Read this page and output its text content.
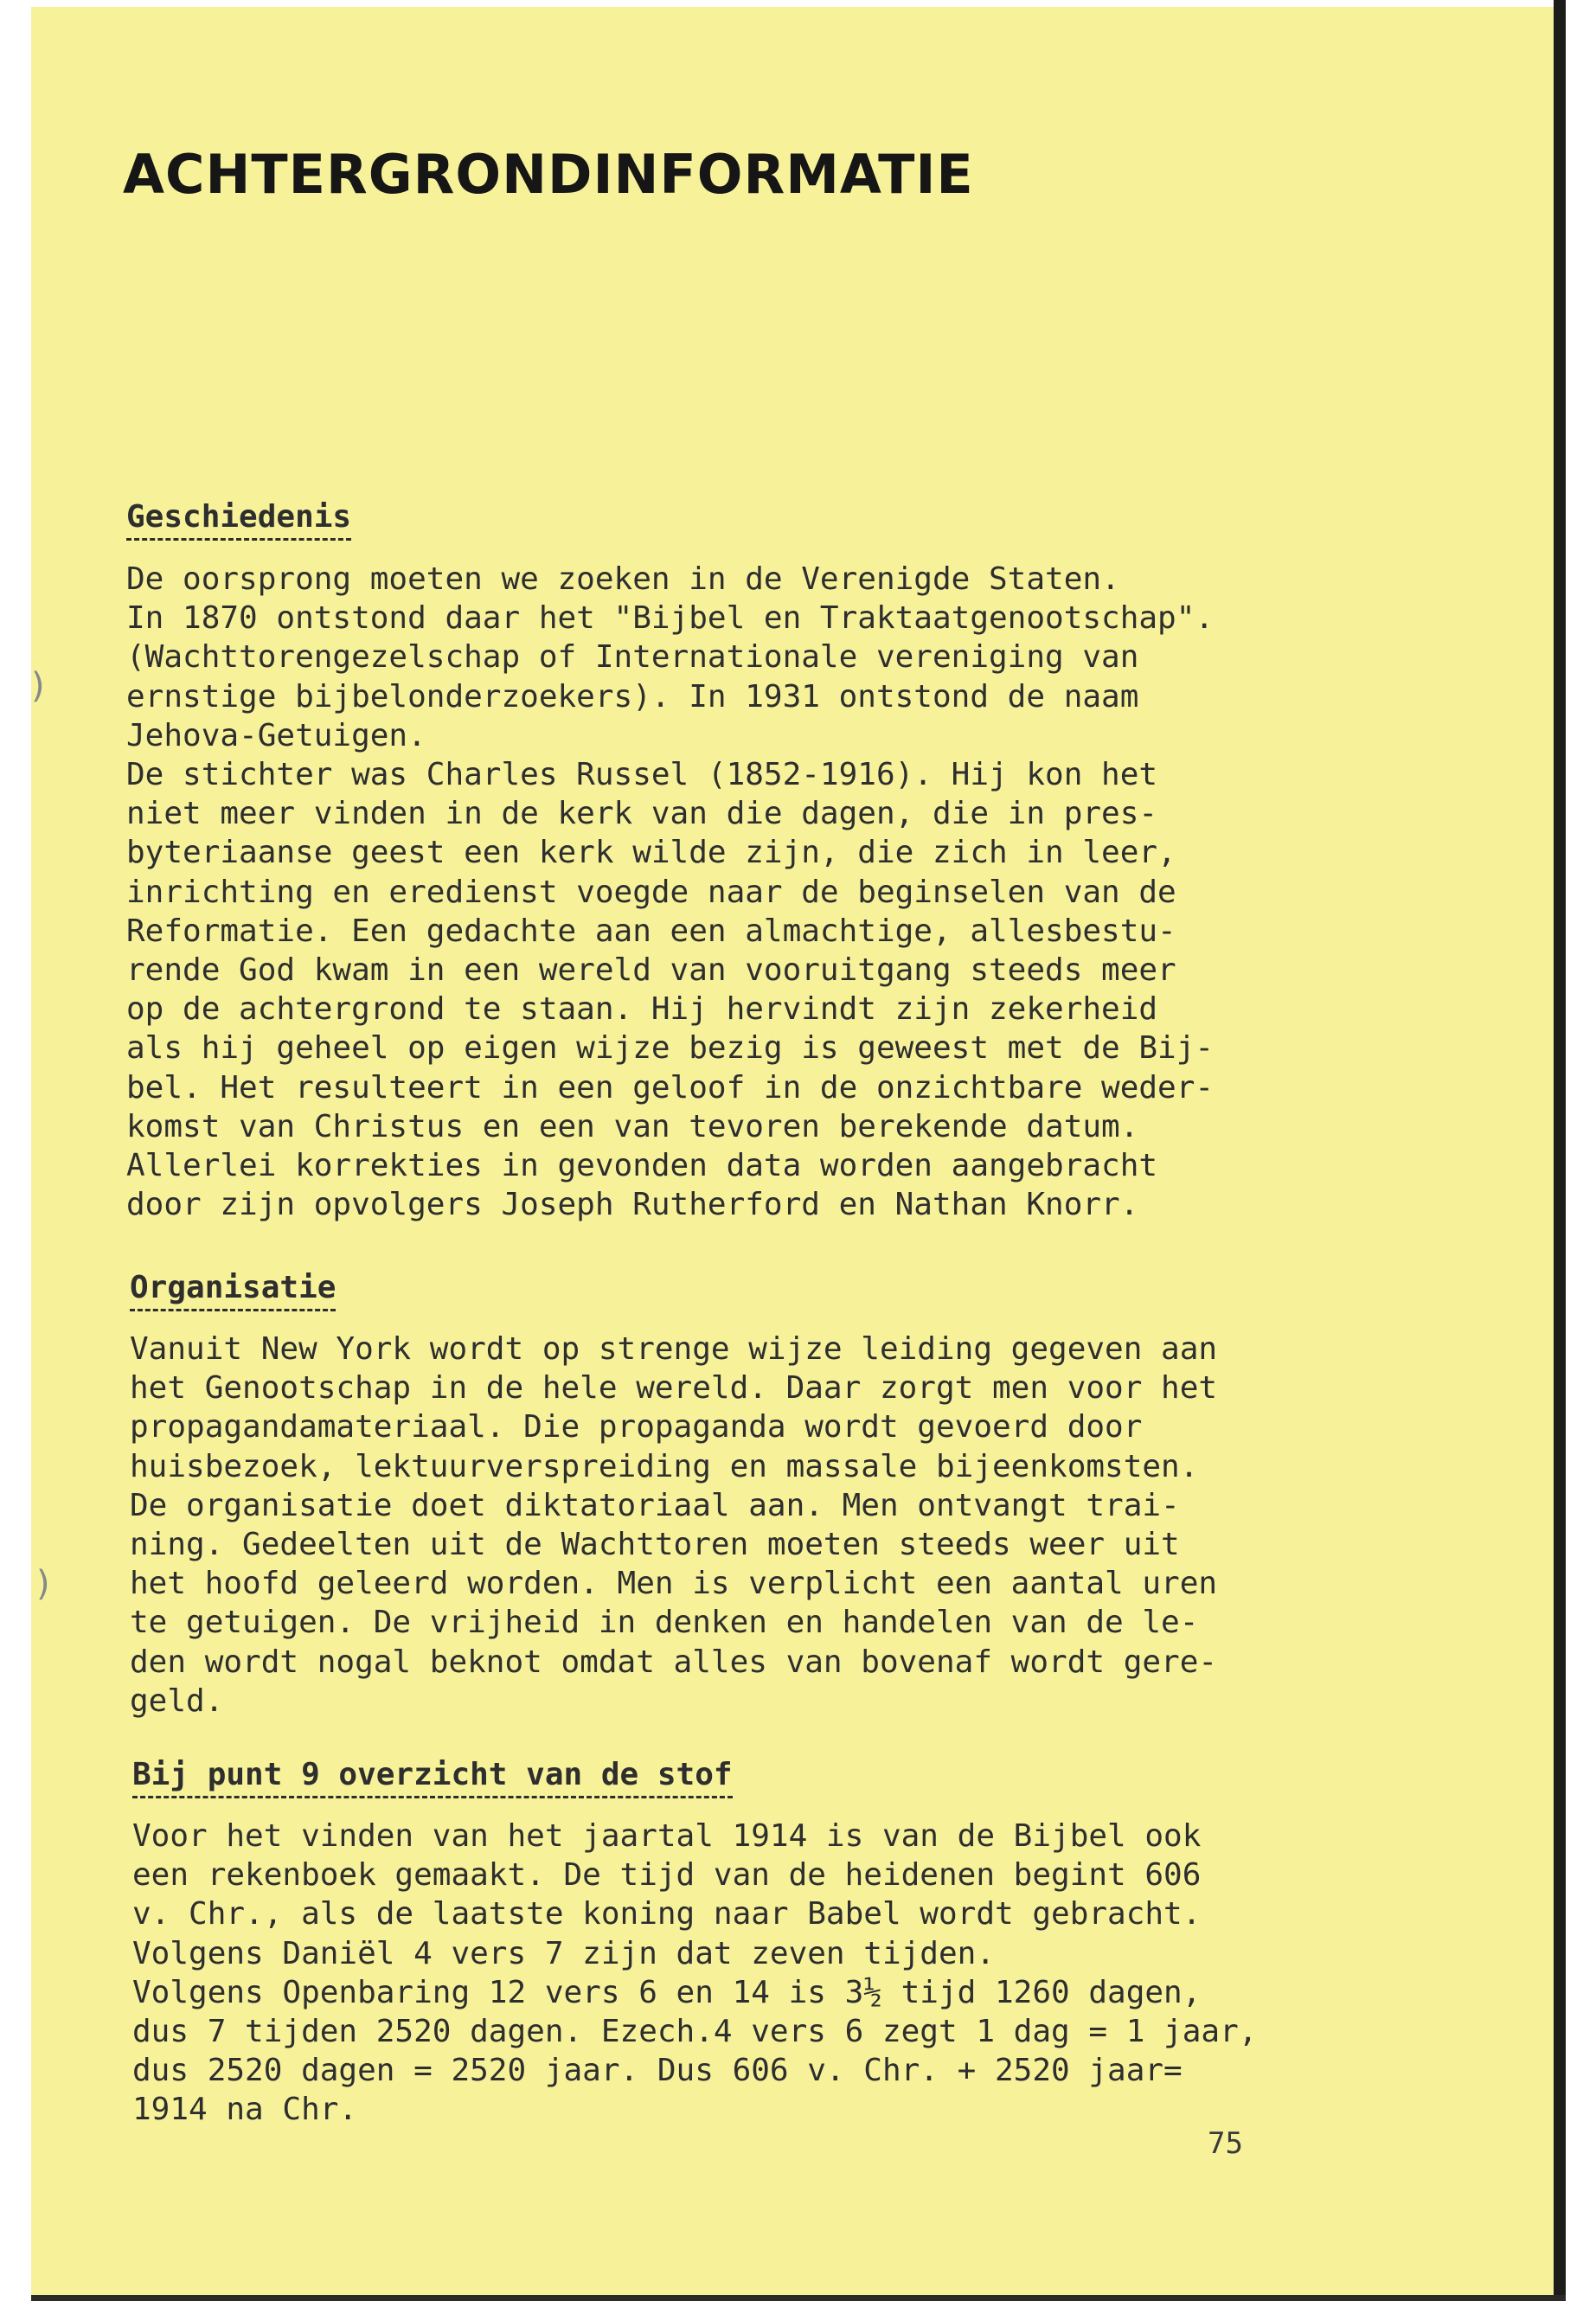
)
)
ACHTERGRONDINFORMATIE
Geschiedenis
De oorsprong moeten we zoeken in de Verenigde Staten.
In 1870 ontstond daar het "Bijbel en Traktaatgenootschap".
(Wachttorengezelschap of Internationale vereniging van
ernstige bijbelonderzoekers). In 1931 ontstond de naam
Jehova-Getuigen.
De stichter was Charles Russel (1852-1916). Hij kon het
niet meer vinden in de kerk van die dagen, die in pres-
byteriaanse geest een kerk wilde zijn, die zich in leer,
inrichting en eredienst voegde naar de beginselen van de
Reformatie. Een gedachte aan een almachtige, allesbestu-
rende God kwam in een wereld van vooruitgang steeds meer
op de achtergrond te staan. Hij hervindt zijn zekerheid
als hij geheel op eigen wijze bezig is geweest met de Bij-
bel. Het resulteert in een geloof in de onzichtbare weder-
komst van Christus en een van tevoren berekende datum.
Allerlei korrekties in gevonden data worden aangebracht
door zijn opvolgers Joseph Rutherford en Nathan Knorr.
Organisatie
Vanuit New York wordt op strenge wijze leiding gegeven aan
het Genootschap in de hele wereld. Daar zorgt men voor het
propagandamateriaal. Die propaganda wordt gevoerd door
huisbezoek, lektuurverspreiding en massale bijeenkomsten.
De organisatie doet diktatoriaal aan. Men ontvangt trai-
ning. Gedeelten uit de Wachttoren moeten steeds weer uit
het hoofd geleerd worden. Men is verplicht een aantal uren
te getuigen. De vrijheid in denken en handelen van de le-
den wordt nogal beknot omdat alles van bovenaf wordt gere-
geld.
Bij punt 9 overzicht van de stof
Voor het vinden van het jaartal 1914 is van de Bijbel ook
een rekenboek gemaakt. De tijd van de heidenen begint 606
v. Chr., als de laatste koning naar Babel wordt gebracht.
Volgens Daniël 4 vers 7 zijn dat zeven tijden.
Volgens Openbaring 12 vers 6 en 14 is 3½ tijd 1260 dagen,
dus 7 tijden 2520 dagen. Ezech.4 vers 6 zegt 1 dag = 1 jaar,
dus 2520 dagen = 2520 jaar. Dus 606 v. Chr. + 2520 jaar=
1914 na Chr.

75
